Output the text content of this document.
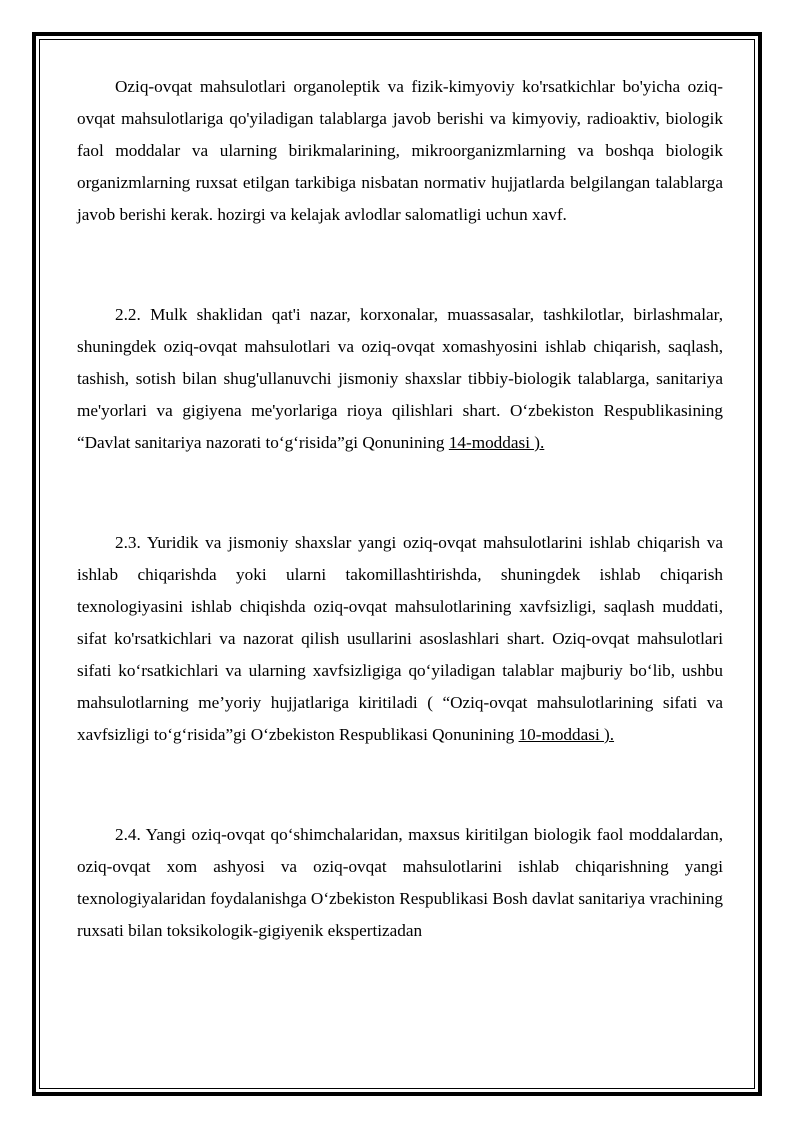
Oziq-ovqat mahsulotlari organoleptik va fizik-kimyoviy ko'rsatkichlar bo'yicha oziq-ovqat mahsulotlariga qo'yiladigan talablarga javob berishi va kimyoviy, radioaktiv, biologik faol moddalar va ularning birikmalarining, mikroorganizmlarning va boshqa biologik organizmlarning ruxsat etilgan tarkibiga nisbatan normativ hujjatlarda belgilangan talablarga javob berishi kerak. hozirgi va kelajak avlodlar salomatligi uchun xavf.

2.2. Mulk shaklidan qat'i nazar, korxonalar, muassasalar, tashkilotlar, birlashmalar, shuningdek oziq-ovqat mahsulotlari va oziq-ovqat xomashyosini ishlab chiqarish, saqlash, tashish, sotish bilan shug'ullanuvchi jismoniy shaxslar tibbiy-biologik talablarga, sanitariya me'yorlari va gigiyena me'yorlariga rioya qilishlari shart. O‘zbekiston Respublikasining “Davlat sanitariya nazorati to‘g‘risida”gi Qonunining 14-moddasi ).

2.3. Yuridik va jismoniy shaxslar yangi oziq-ovqat mahsulotlarini ishlab chiqarish va ishlab chiqarishda yoki ularni takomillashtirishda, shuningdek ishlab chiqarish texnologiyasini ishlab chiqishda oziq-ovqat mahsulotlarining xavfsizligi, saqlash muddati, sifat ko'rsatkichlari va nazorat qilish usullarini asoslashlari shart. Oziq-ovqat mahsulotlari sifati ko‘rsatkichlari va ularning xavfsizligiga qo‘yiladigan talablar majburiy bo‘lib, ushbu mahsulotlarning me’yoriy hujjatlariga kiritiladi ( “Oziq-ovqat mahsulotlarining sifati va xavfsizligi to‘g‘risida”gi O‘zbekiston Respublikasi Qonunining 10-moddasi ).

2.4. Yangi oziq-ovqat qo‘shimchalaridan, maxsus kiritilgan biologik faol moddalardan, oziq-ovqat xom ashyosi va oziq-ovqat mahsulotlarini ishlab chiqarishning yangi texnologiyalaridan foydalanishga O‘zbekiston Respublikasi Bosh davlat sanitariya vrachining ruxsati bilan toksikologik-gigiyenik ekspertizadan
